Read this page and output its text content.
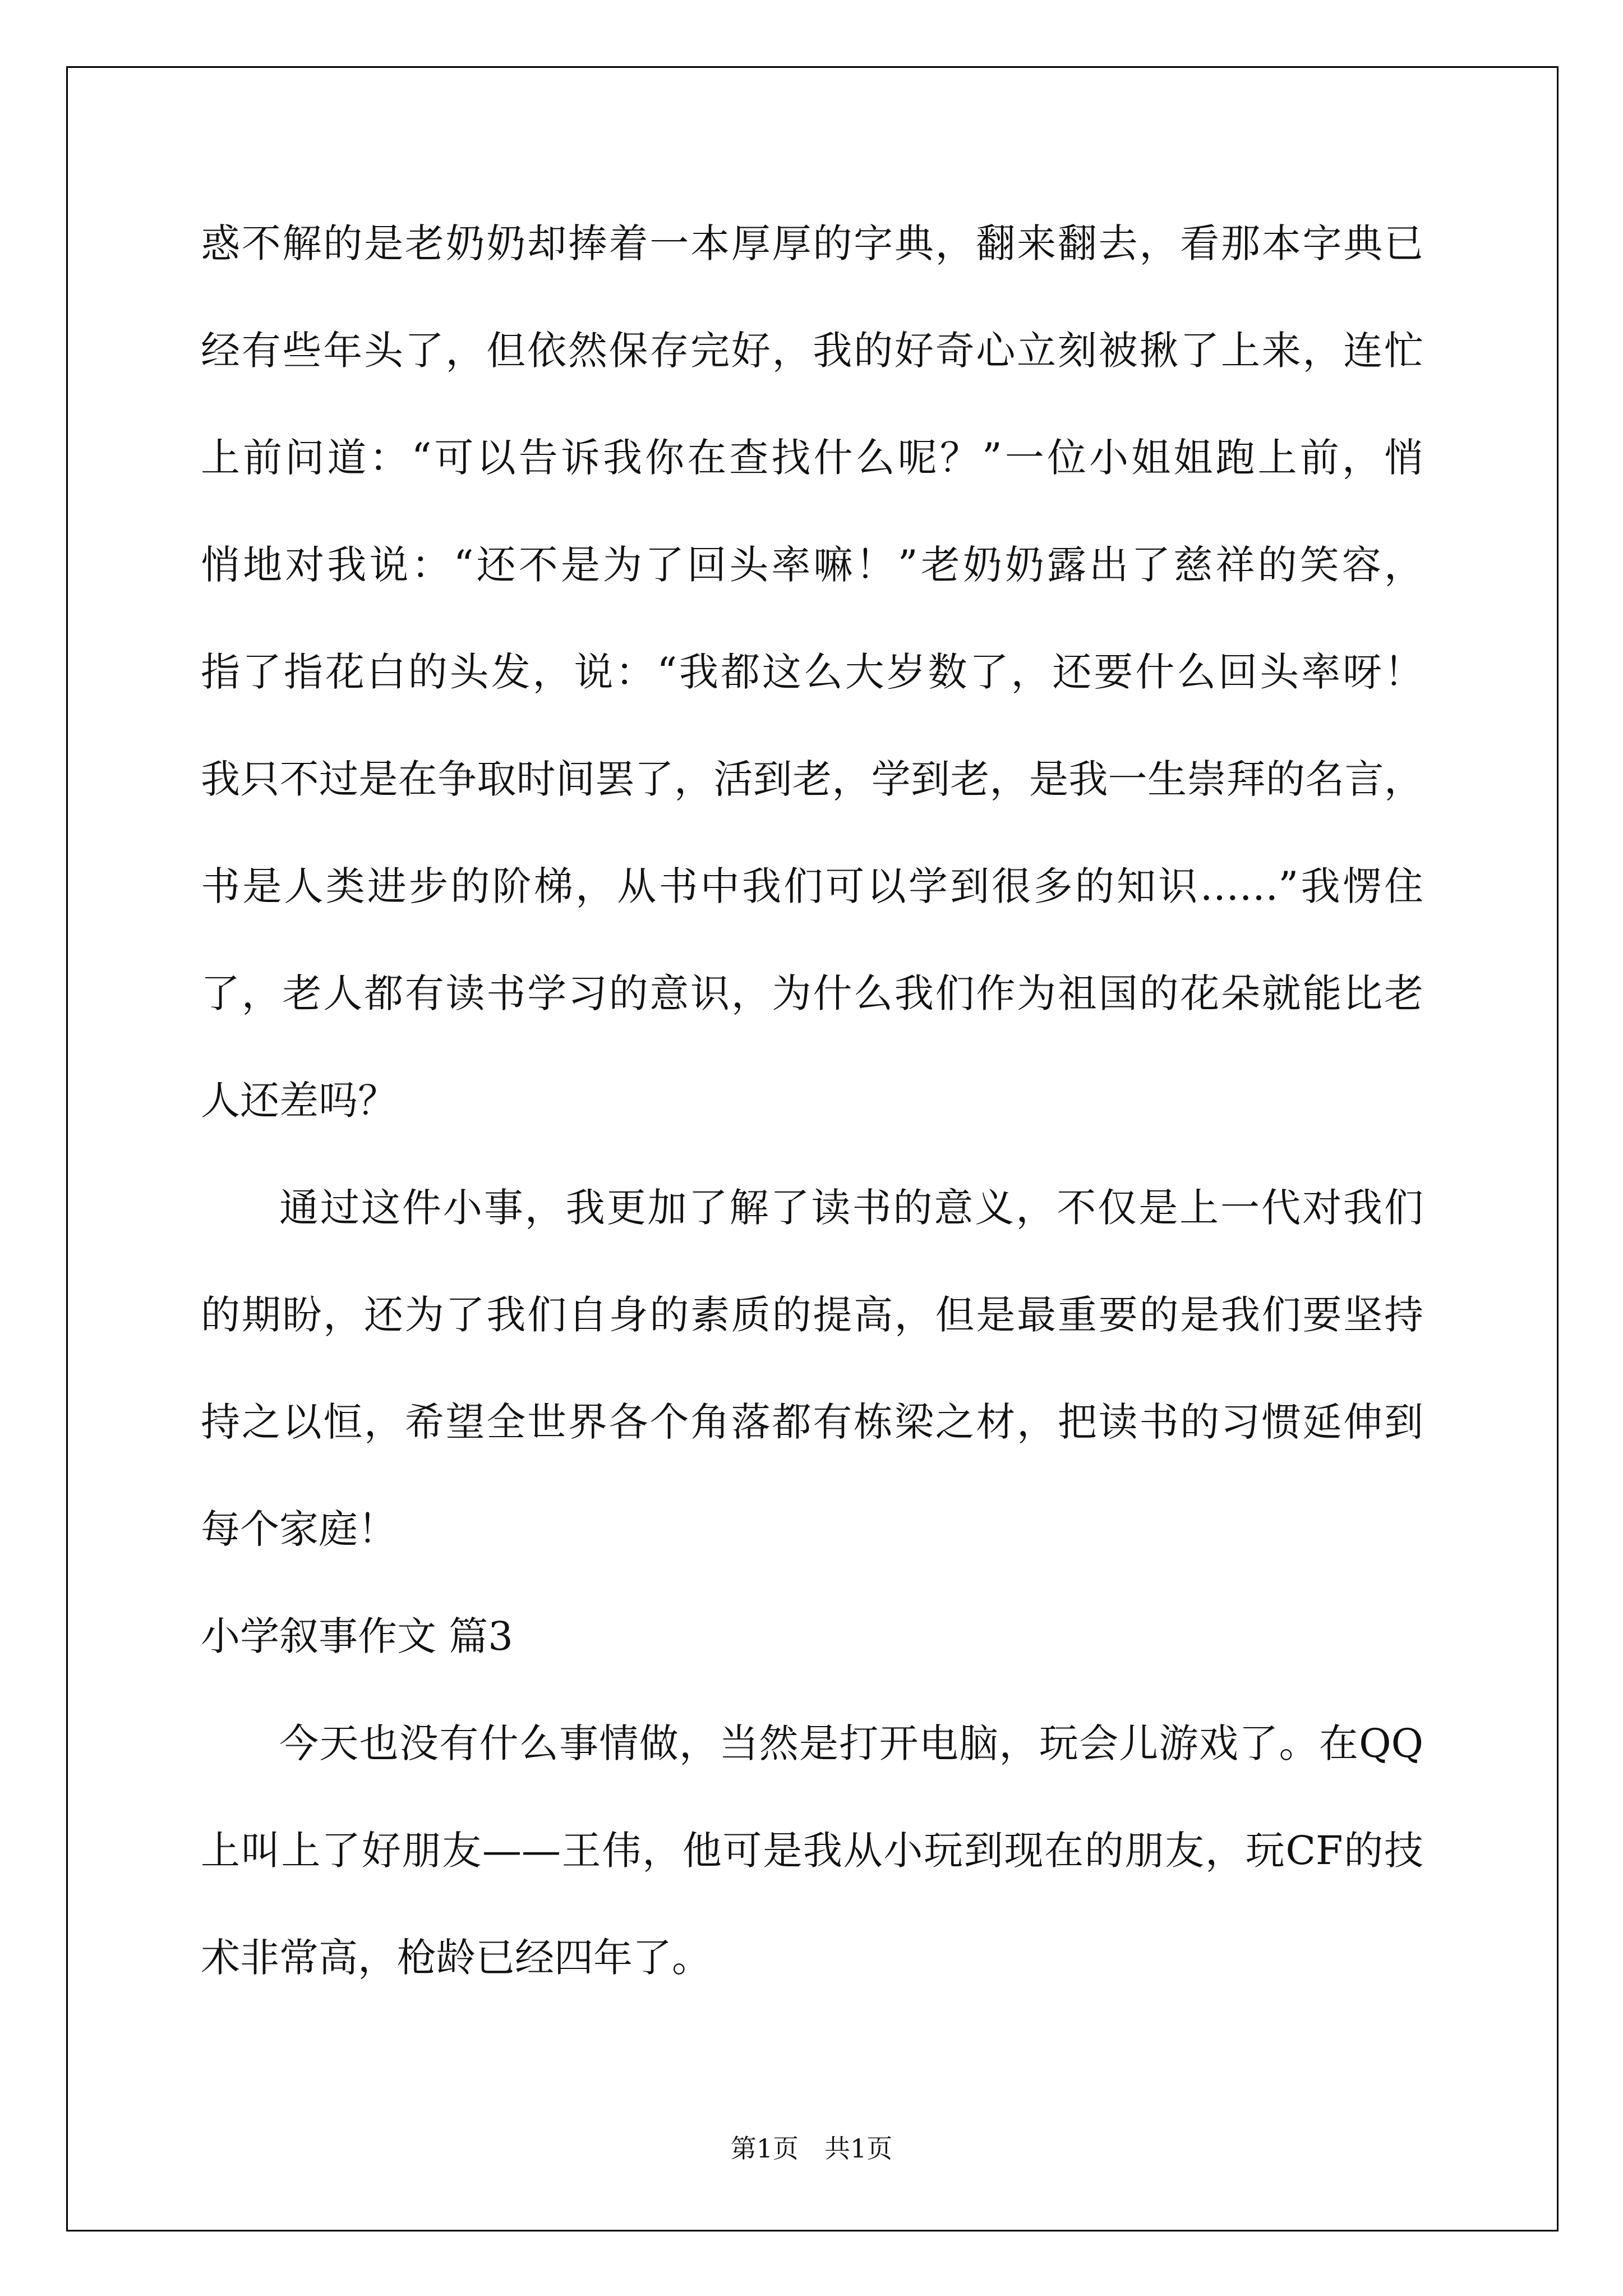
惑不解的是老奶奶却捧着一本厚厚的字典，翻来翻去，看那本字典已
经有些年头了，但依然保存完好，我的好奇心立刻被揪了上来，连忙
上前问道：“可以告诉我你在查找什么呢？”一位小姐姐跑上前，悄
悄地对我说：“还不是为了回头率嘛！”老奶奶露出了慈祥的笑容，
指了指花白的头发，说：“我都这么大岁数了，还要什么回头率呀！
我只不过是在争取时间罢了，活到老，学到老，是我一生崇拜的名言，
书是人类进步的阶梯，从书中我们可以学到很多的知识……”我愣住
了，老人都有读书学习的意识，为什么我们作为祖国的花朵就能比老
人还差吗？
通过这件小事，我更加了解了读书的意义，不仅是上一代对我们
的期盼，还为了我们自身的素质的提高，但是最重要的是我们要坚持
持之以恒，希望全世界各个角落都有栋梁之材，把读书的习惯延伸到
每个家庭！
小学叙事作文 篇3
今天也没有什么事情做，当然是打开电脑，玩会儿游戏了。在QQ
上叫上了好朋友——王伟，他可是我从小玩到现在的朋友，玩CF的技
术非常高，枪龄已经四年了。
第1页　共1页
